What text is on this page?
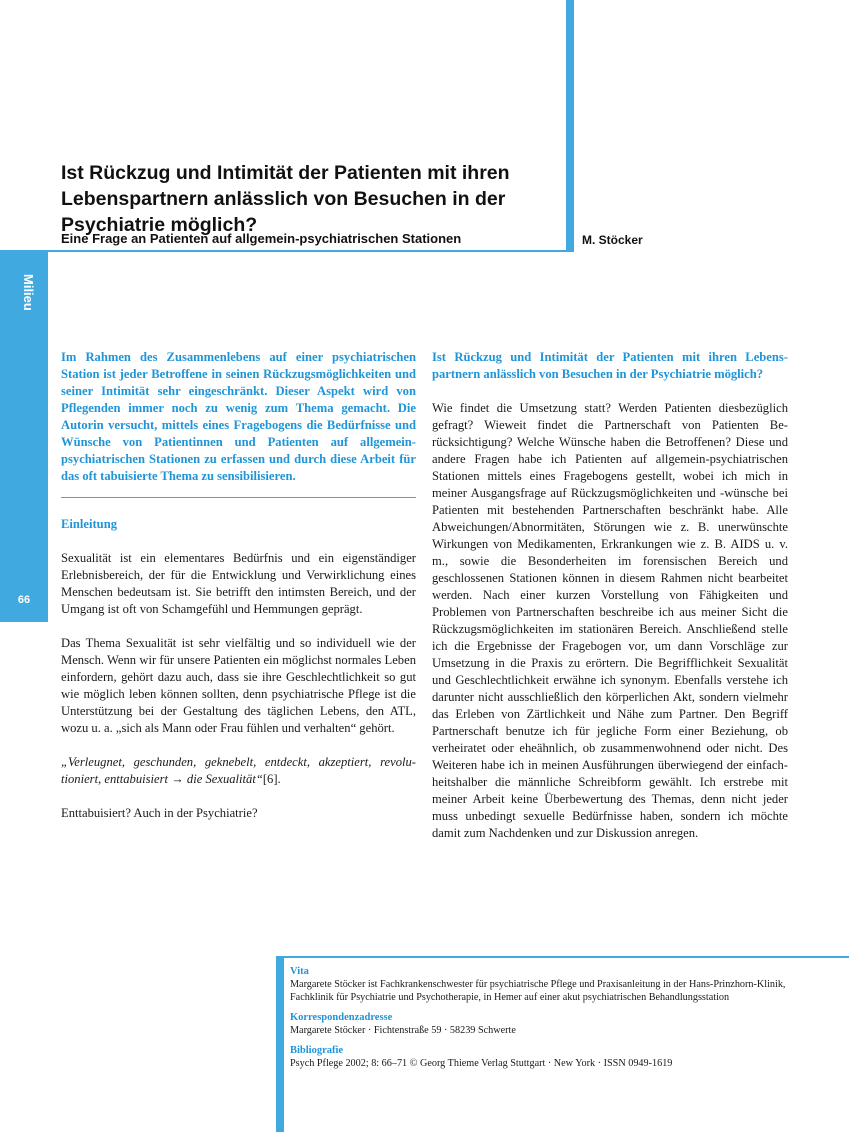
Ist Rückzug und Intimität der Patienten mit ihren Lebenspartnern anlässlich von Besuchen in der Psychiatrie möglich?
Eine Frage an Patienten auf allgemein-psychiatrischen Stationen	M. Stöcker
Milieu
66

Im Rahmen des Zusammenlebens auf einer psychiatrischen Station ist jeder Betroffene in seinen Rückzugsmöglichkeiten und seiner Intimität sehr eingeschränkt. Dieser Aspekt wird von Pflegenden immer noch zu wenig zum Thema gemacht. Die Autorin versucht, mittels eines Fragebogens die Bedürfnisse und Wünsche von Patientinnen und Patienten auf allgemein-psychiatrischen Stationen zu erfassen und durch diese Arbeit für das oft tabuisierte Thema zu sensibilisieren.

Einleitung

Sexualität ist ein elementares Bedürfnis und ein eigenständiger Erlebnisbereich, der für die Entwicklung und Verwirklichung eines Menschen bedeutsam ist. Sie betrifft den intimsten Bereich, und der Umgang ist oft von Schamgefühl und Hemmungen geprägt.

Das Thema Sexualität ist sehr vielfältig und so individuell wie der Mensch. Wenn wir für unsere Patienten ein möglichst normales Leben einfordern, gehört dazu auch, dass sie ihre Geschlechtlichkeit so gut wie möglich leben können sollten, denn psychiatrische Pflege ist die Unterstützung bei der Gestaltung des täglichen Lebens, den ATL, wozu u. a. „sich als Mann oder Frau fühlen und verhalten“ gehört.

„Verleugnet, geschunden, geknebelt, entdeckt, akzeptiert, revolutioniert, enttabuisiert → die Sexualität“[6].

Enttabuisiert? Auch in der Psychiatrie?

Ist Rückzug und Intimität der Patienten mit ihren Lebenspartnern anlässlich von Besuchen in der Psychiatrie möglich?

Wie findet die Umsetzung statt? Werden Patienten diesbezüglich gefragt? Wieweit findet die Partnerschaft von Patienten Berücksichtigung? Welche Wünsche haben die Betroffenen? Diese und andere Fragen habe ich Patienten auf allgemein-psychiatrischen Stationen mittels eines Fragebogens gestellt, wobei ich mich in meiner Ausgangsfrage auf Rückzugsmöglichkeiten und -wünsche bei Patienten mit bestehenden Partnerschaften beschränkt habe. Alle Abweichungen/Abnormitäten, Störungen wie z. B. unerwünschte Wirkungen von Medikamenten, Erkrankungen wie z. B. AIDS u. v. m., sowie die Besonderheiten im forensischen Bereich und geschlossenen Stationen können in diesem Rahmen nicht bearbeitet werden. Nach einer kurzen Vorstellung von Fähigkeiten und Problemen von Partnerschaften beschreibe ich aus meiner Sicht die Rückzugsmöglichkeiten im stationären Bereich. Anschließend stelle ich die Ergebnisse der Fragebogen vor, um dann Vorschläge zur Umsetzung in die Praxis zu erörtern. Die Begrifflichkeit Sexualität und Geschlechtlichkeit erwähne ich synonym. Ebenfalls verstehe ich darunter nicht ausschließlich den körperlichen Akt, sondern vielmehr das Erleben von Zärtlichkeit und Nähe zum Partner. Den Begriff Partnerschaft benutze ich für jegliche Form einer Beziehung, ob verheiratet oder eheähnlich, ob zusammenwohnend oder nicht. Des Weiteren habe ich in meinen Ausführungen überwiegend der einfachheitshalber die männliche Schreibform gewählt. Ich erstrebe mit meiner Arbeit keine Überbewertung des Themas, denn nicht jeder muss unbedingt sexuelle Bedürfnisse haben, sondern ich möchte damit zum Nachdenken und zur Diskussion anregen.

Vita

Margarete Stöcker ist Fachkrankenschwester für psychiatrische Pflege und Praxisanleitung in der Hans-Prinzhorn-Klinik, Fachklinik für Psychiatrie und Psychotherapie, in Hemer auf einer akut psychiatrischen Behandlungsstation

Korrespondenzadresse

Margarete Stöcker · Fichtenstraße 59 · 58239 Schwerte

Bibliografie

Psych Pflege 2002; 8: 66–71 © Georg Thieme Verlag Stuttgart · New York · ISSN 0949-1619
